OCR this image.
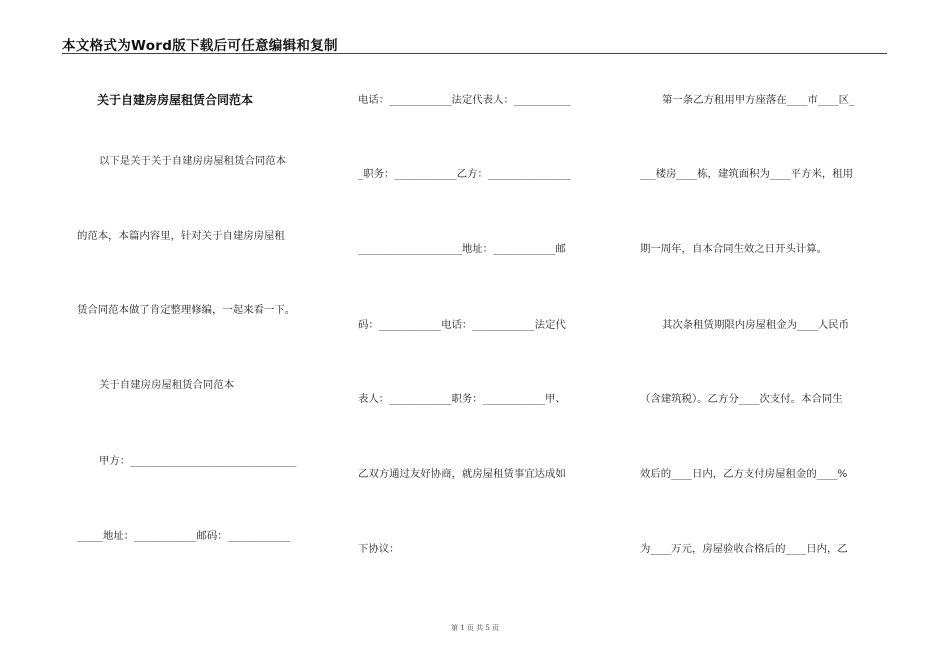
本文格式为Word版下载后可任意编辑和复制
关于自建房房屋租赁合同范本
以下是关于关于自建房房屋租赁合同范本
的范本，本篇内容里，针对关于自建房房屋租
赁合同范本做了肯定整理修编，一起来看一下。
关于自建房房屋租赁合同范本
甲方：________________________________
_____地址：____________邮码：____________
电话：____________法定代表人：___________
_职务：____________乙方：________________
____________________地址：____________邮
码：____________电话：____________法定代
表人：____________职务：____________甲、
乙双方通过友好协商，就房屋租赁事宜达成如
下协议：
第一条乙方租用甲方座落在____市____区_
___楼房____栋，建筑面积为____平方米，租用
期一周年，自本合同生效之日开头计算。
其次条租赁期限内房屋租金为____人民币
（含建筑税）。乙方分____次支付。本合同生
效后的____日内，乙方支付房屋租金的____%
为____万元，房屋验收合格后的____日内，乙
第 1 页 共 5 页
